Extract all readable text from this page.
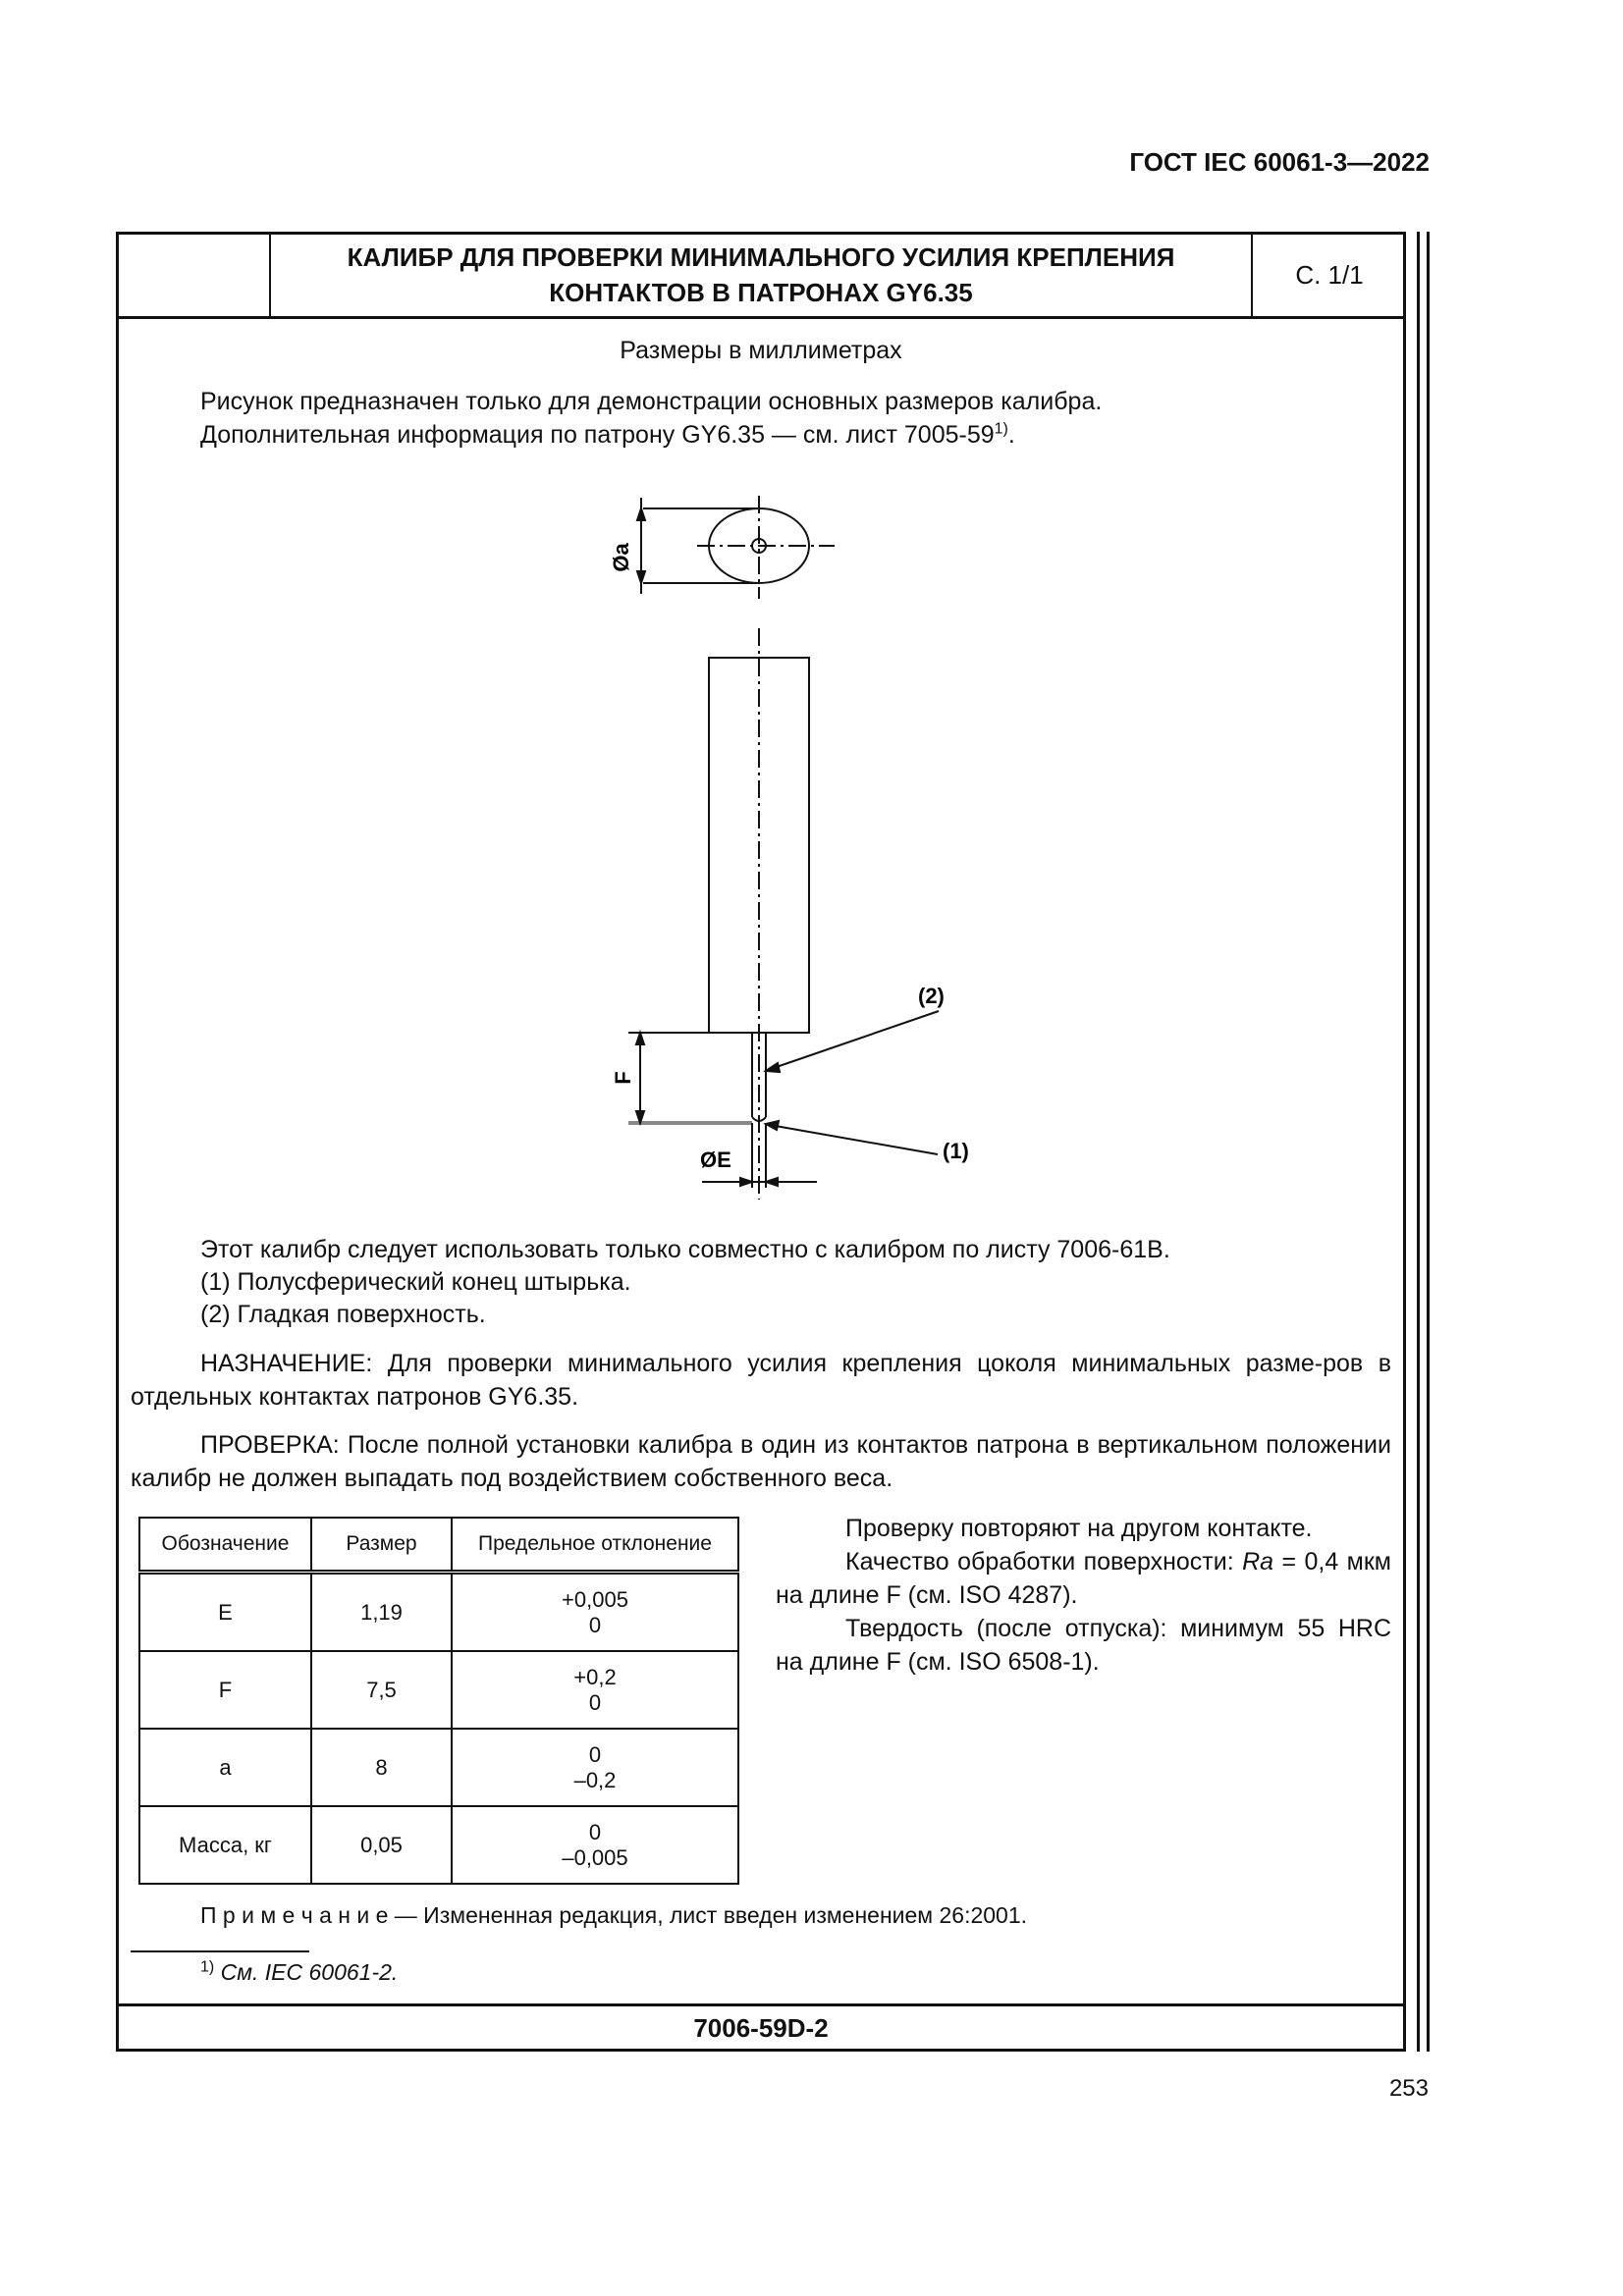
ГОСТ IEC 60061-3—2022
КАЛИБР ДЛЯ ПРОВЕРКИ МИНИМАЛЬНОГО УСИЛИЯ КРЕПЛЕНИЯ
КОНТАКТОВ В ПАТРОНАХ GY6.35
С. 1/1
Размеры в миллиметрах
Рисунок предназначен только для демонстрации основных размеров калибра.
Дополнительная информация по патрону GY6.35 — см. лист 7005-59$^{1)}$.
Øa
F
ØE
(2)
(1)
Этот калибр следует использовать только совместно с калибром по листу 7006-61B.
(1) Полусферический конец штырька.
(2) Гладкая поверхность.
НАЗНАЧЕНИЕ: Для проверки минимального усилия крепления цоколя минимальных разме-ров в отдельных контактах патронов GY6.35.
ПРОВЕРКА: После полной установки калибра в один из контактов патрона в вертикальном положении калибр не должен выпадать под воздействием собственного веса.
Обозначение	Размер	Предельное отклонение
E	1,19	+0,005
0

F	7,5	+0,2
0

a	8	0
–0,2

Масса, кг	0,05	0
–0,005
Проверку повторяют на другом контакте.
Качество обработки поверхности: Ra = 0,4 мкм на длине F (см. ISO 4287).
Твердость (после отпуска): минимум 55 HRC на длине F (см. ISO 6508-1).
П р и м е ч а н и е — Измененная редакция, лист введен изменением 26:2001.
$^{1)}$ См. IEC 60061-2.
7006-59D-2
253
